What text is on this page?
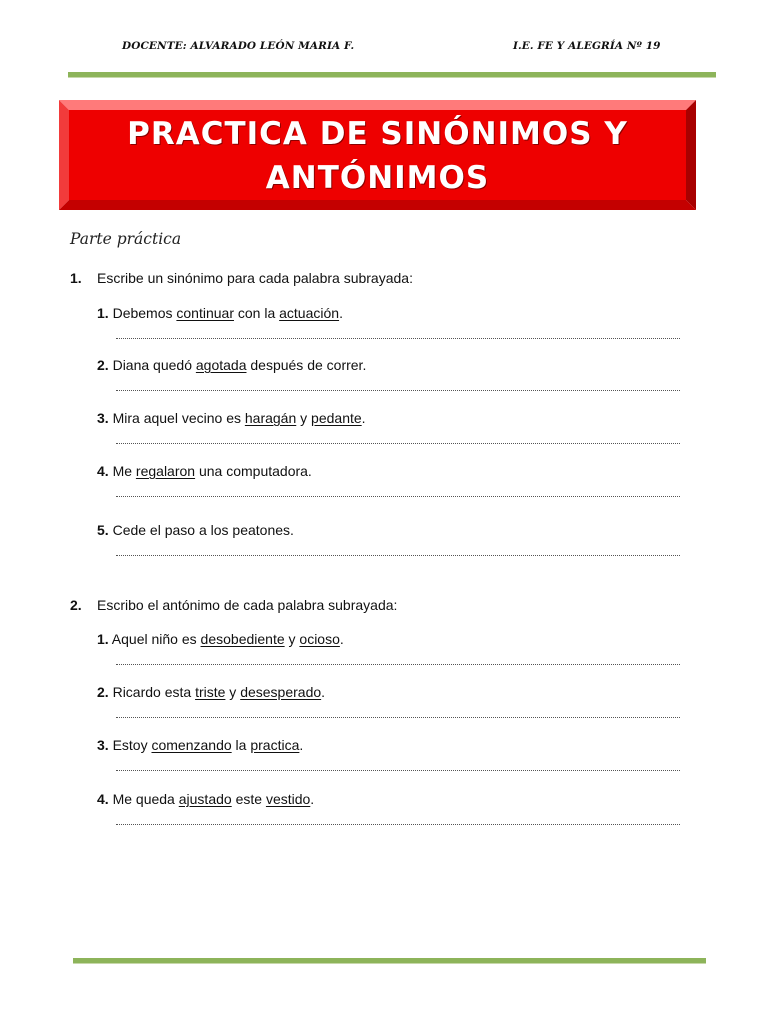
DOCENTE: ALVARADO LEÓN MARIA F.	I.E. FE Y ALEGRÍA Nº 19
PRACTICA DE SINÓNIMOS Y
ANTÓNIMOS
Parte práctica
1. Escribe un sinónimo para cada palabra subrayada:
2. Escribo el antónimo de cada palabra subrayada:
1. Debemos continuar con la actuación.
2. Diana quedó agotada después de correr.
3. Mira aquel vecino es haragán y pedante.
4. Me regalaron una computadora.
5. Cede el paso a los peatones.
1. Aquel niño es desobediente y ocioso.
2. Ricardo esta triste y desesperado.
3. Estoy comenzando la practica.
4. Me queda ajustado este vestido.
